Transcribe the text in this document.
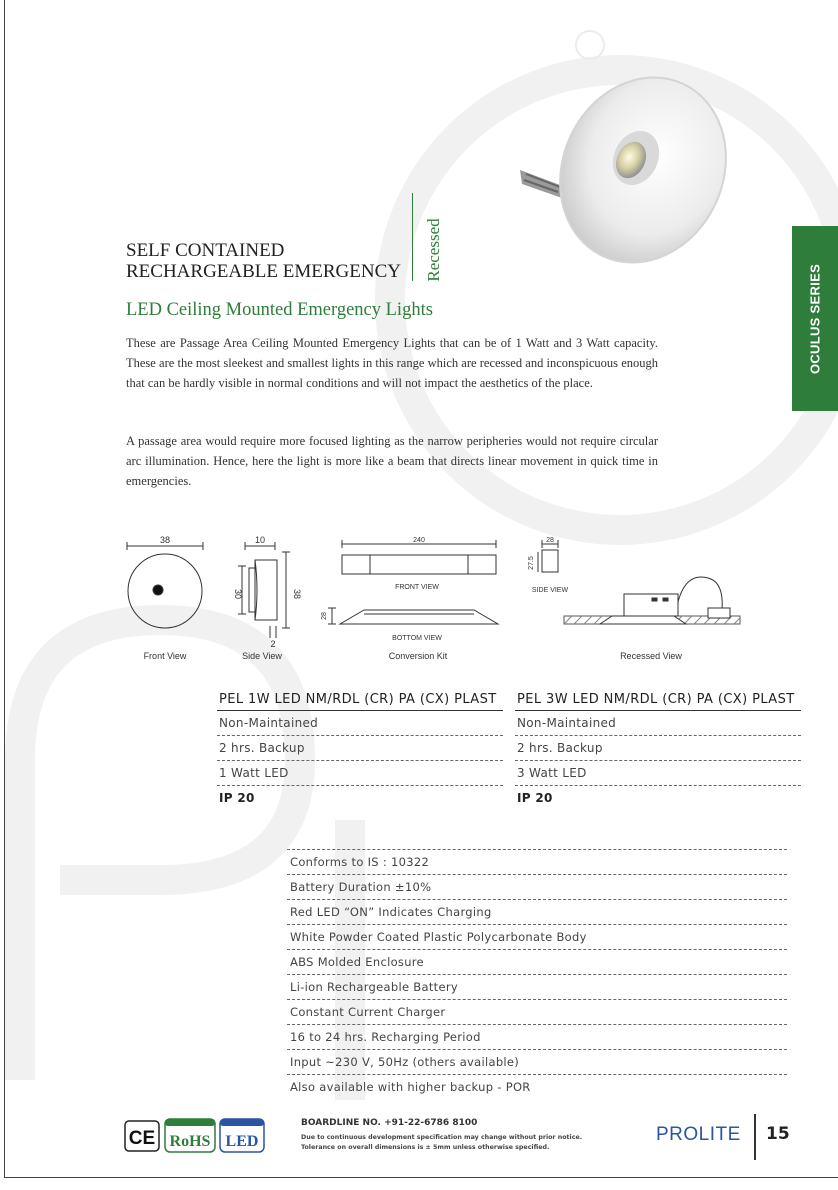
OCULUS SERIES
SELF CONTAINED
RECHARGEABLE EMERGENCY Recessed
LED Ceiling Mounted Emergency Lights

These are Passage Area Ceiling Mounted Emergency Lights that can be of 1 Watt and 3 Watt capacity. These are the most sleekest and smallest lights in this range which are recessed and inconspicuous enough that can be hardly visible in normal conditions and will not impact the aesthetics of the place.

A passage area would require more focused lighting as the narrow peripheries would not require circular arc illumination. Hence, here the light is more like a beam that directs linear movement in quick time in emergencies.

38
Front View
10
30	38
2
Side View
240
FRONT VIEW
28
BOTTOM VIEW
Conversion Kit
28
27.5
SIDE VIEW
Recessed View
PEL 1W LED NM/RDL (CR) PA (CX) PLAST
Non-Maintained
2 hrs. Backup
1 Watt LED
IP 20
PEL 3W LED NM/RDL (CR) PA (CX) PLAST
Non-Maintained
2 hrs. Backup
3 Watt LED
IP 20
Conforms to IS : 10322
Battery Duration ±10%
Red LED “ON” Indicates Charging
White Powder Coated Plastic Polycarbonate Body
ABS Molded Enclosure
Li-ion Rechargeable Battery
Constant Current Charger
16 to 24 hrs. Recharging Period
Input ~230 V, 50Hz (others available)
Also available with higher backup - POR
CE RoHS LED
BOARDLINE NO. +91-22-6786 8100
Due to continuous development specification may change without prior notice.
Tolerance on overall dimensions is ± 5mm unless otherwise specified.
PROLITE 15
